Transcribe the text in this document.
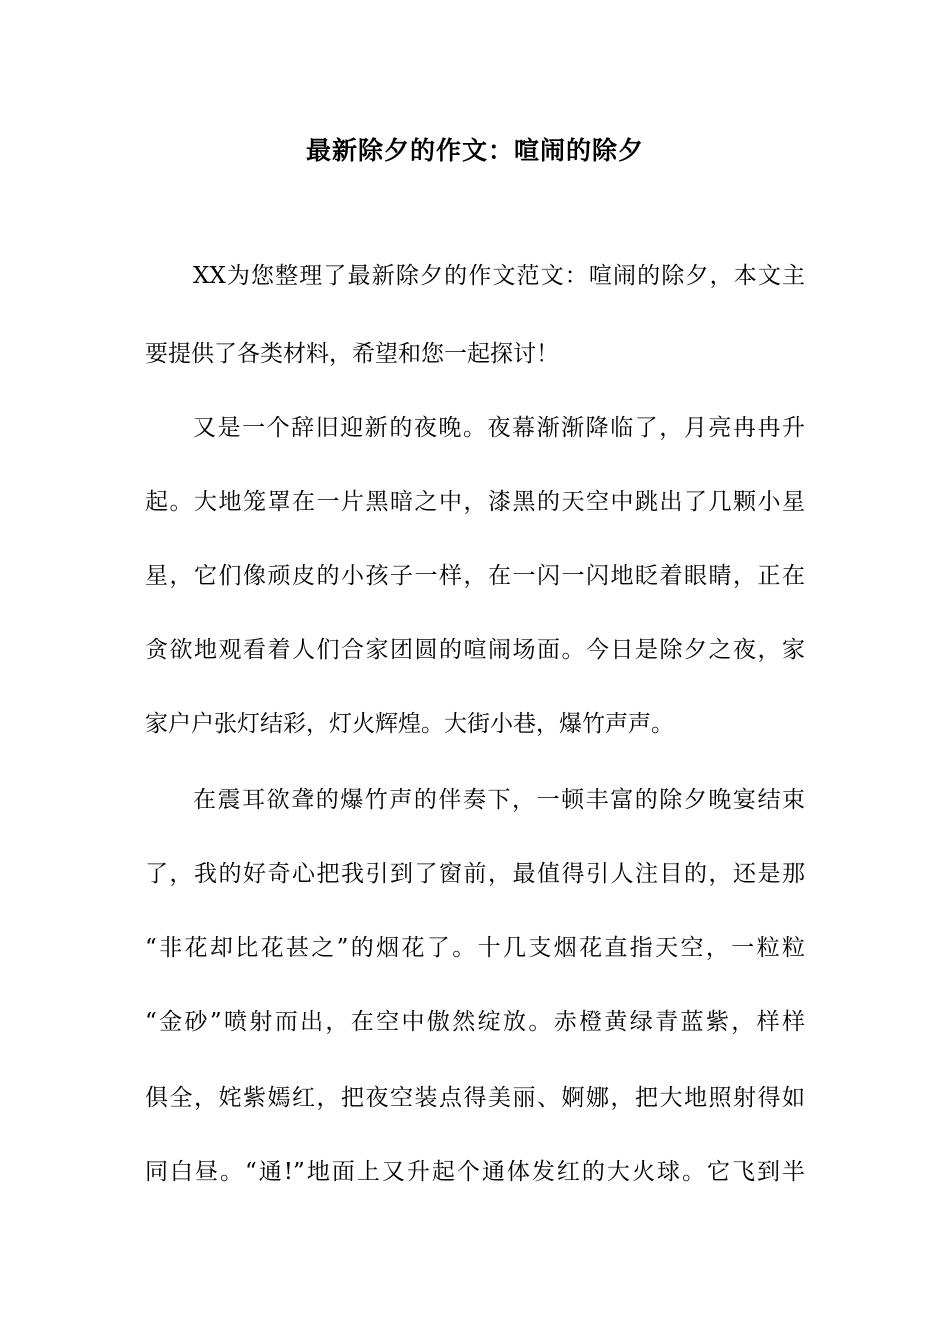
最新除夕的作文：喧闹的除夕
XX为您整理了最新除夕的作文范文：喧闹的除夕，本文主
要提供了各类材料，希望和您一起探讨！
又是一个辞旧迎新的夜晚。夜幕渐渐降临了，月亮冉冉升
起。大地笼罩在一片黑暗之中，漆黑的天空中跳出了几颗小星
星，它们像顽皮的小孩子一样，在一闪一闪地眨着眼睛，正在
贪欲地观看着人们合家团圆的喧闹场面。今日是除夕之夜，家
家户户张灯结彩，灯火辉煌。大街小巷，爆竹声声。
在震耳欲聋的爆竹声的伴奏下，一顿丰富的除夕晚宴结束
了，我的好奇心把我引到了窗前，最值得引人注目的，还是那
“非花却比花甚之”的烟花了。十几支烟花直指天空，一粒粒
“金砂”喷射而出，在空中傲然绽放。赤橙黄绿青蓝紫，样样
俱全，姹紫嫣红，把夜空装点得美丽、婀娜，把大地照射得如
同白昼。“通!”地面上又升起个通体发红的大火球。它飞到半
